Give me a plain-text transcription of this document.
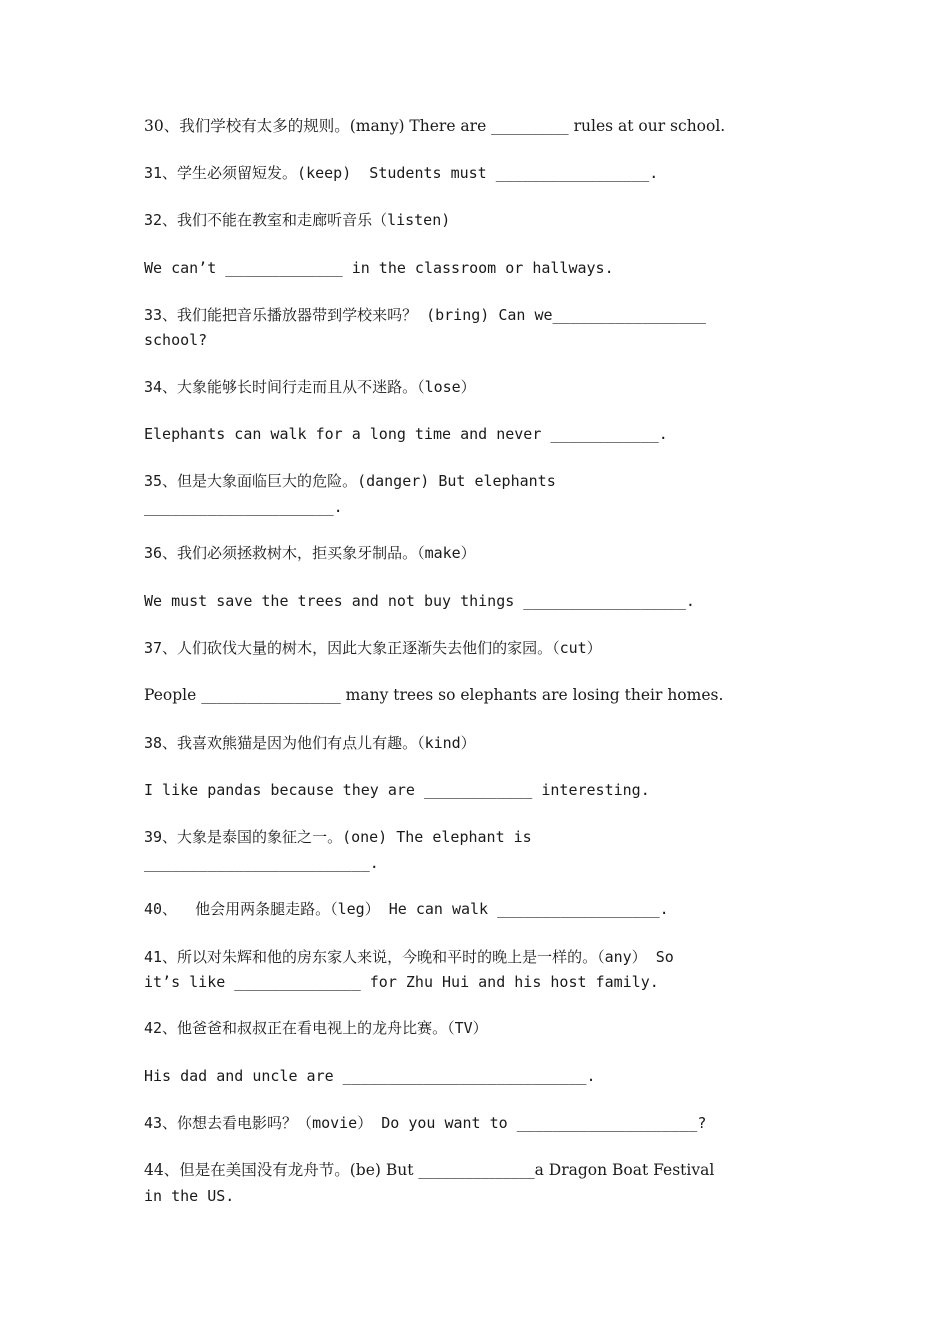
30、我们学校有太多的规则。(many) There are __________ rules at our school.

31、学生必须留短发。(keep)  Students must _________________.

32、我们不能在教室和走廊听音乐（listen)

We can’t _____________ in the classroom or hallways.

33、我们能把音乐播放器带到学校来吗？ (bring) Can we_________________

school?

34、大象能够长时间行走而且从不迷路。（lose）

Elephants can walk for a long time and never ____________.

35、但是大象面临巨大的危险。(danger) But elephants

_____________________.

36、我们必须拯救树木，拒买象牙制品。（make）

We must save the trees and not buy things __________________.

37、人们砍伐大量的树木，因此大象正逐渐失去他们的家园。（cut）

People __________________ many trees so elephants are losing their homes.

38、我喜欢熊猫是因为他们有点儿有趣。（kind）

I like pandas because they are ____________ interesting.

39、大象是泰国的象征之一。(one) The elephant is

_________________________.

40、  他会用两条腿走路。（leg） He can walk __________________.

41、所以对朱辉和他的房东家人来说，今晚和平时的晚上是一样的。（any） So

it’s like ______________ for Zhu Hui and his host family.

42、他爸爸和叔叔正在看电视上的龙舟比赛。（TV）

His dad and uncle are ___________________________.

43、你想去看电影吗？（movie） Do you want to ____________________?

44、但是在美国没有龙舟节。(be) But _______________a Dragon Boat Festival

in the US.
